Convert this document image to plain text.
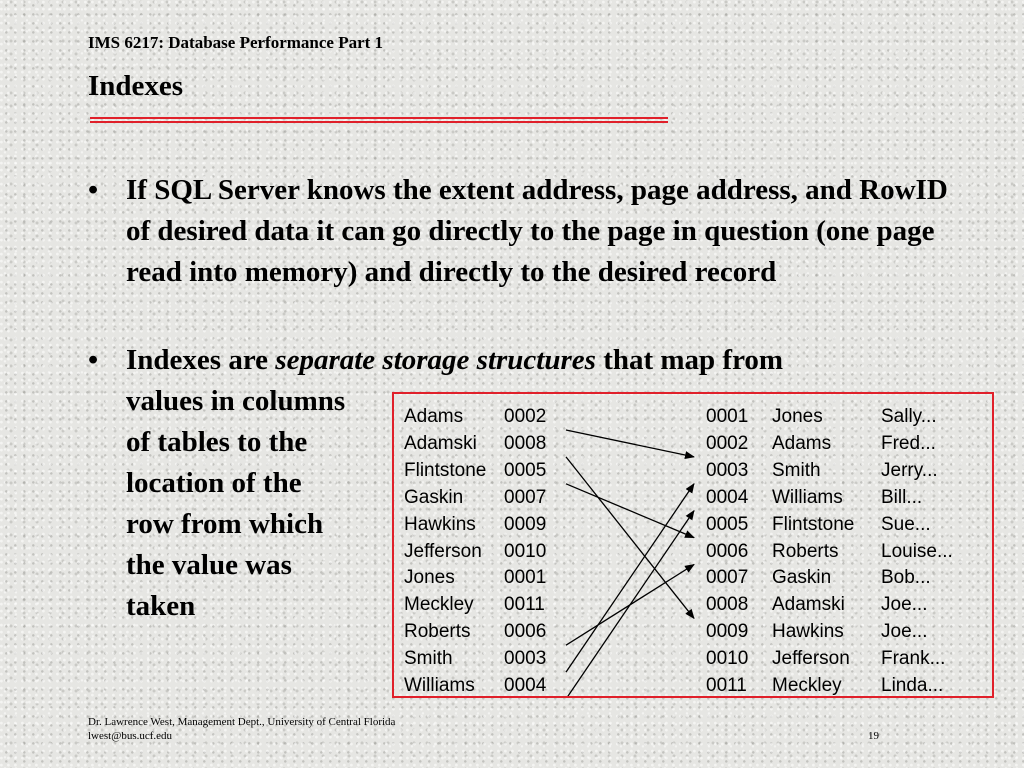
IMS 6217: Database Performance Part 1
Indexes
• If SQL Server knows the extent address, page address, and RowID of desired data it can go directly to the page in question (one page read into memory) and directly to the desired record
• Indexes are separate storage structures that map from
values in columns
of tables to the
location of the
row from which
the value was
taken
Adams 0002
Adamski 0008
Flintstone 0005
Gaskin 0007
Hawkins 0009
Jefferson 0010
Jones	0001
Meckley 0011
Roberts 0006
Smith	0003
Williams 0004
0001 Jones	Sally...
0002 Adams	Fred...
0003 Smith	Jerry...
0004 Williams Bill...
0005 Flintstone Sue...
0006 Roberts Louise...
0007 Gaskin	Bob...
0008 Adamski Joe...
0009 Hawkins Joe...
0010 Jefferson Frank...
0011 Meckley Linda...
Dr. Lawrence West, Management Dept., University of Central Florida
lwest@bus.ucf.edu	19
